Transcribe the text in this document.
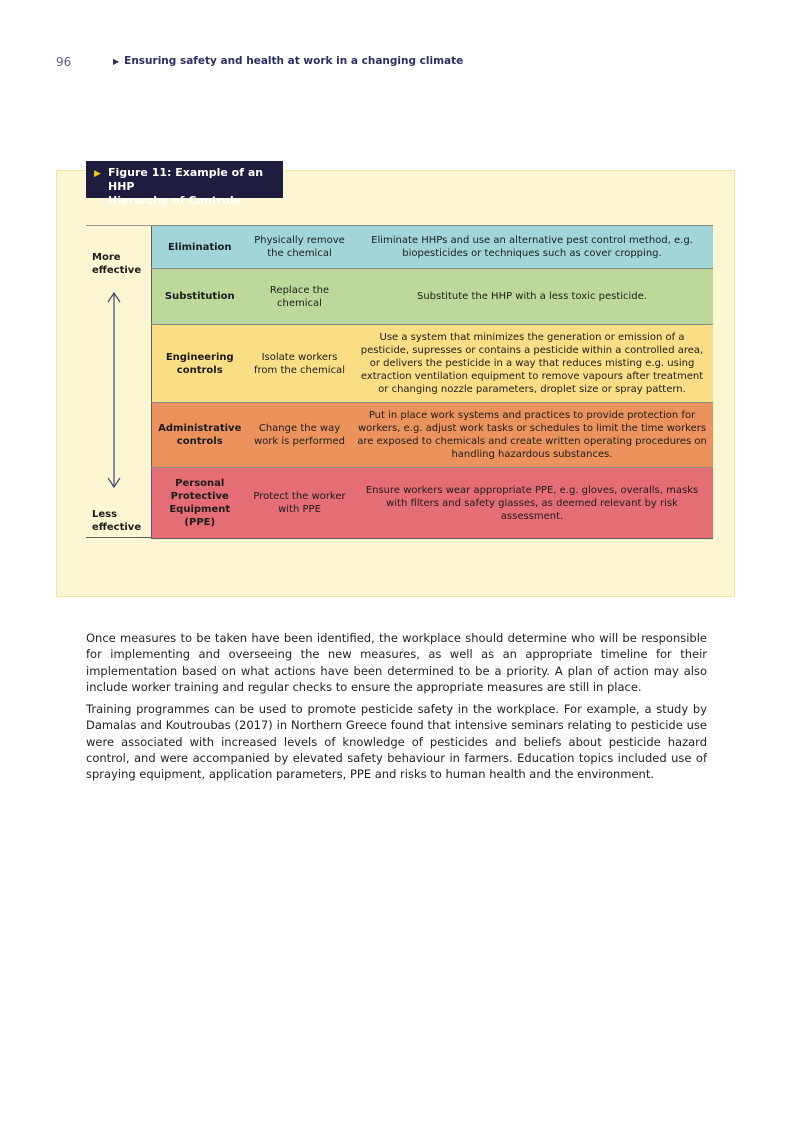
96	▶ Ensuring safety and health at work in a changing climate
▶ Figure 11: Example of an HHP
Hierarchy of Controls
More
effective
Less
effective
Elimination	Physically remove the chemical	Eliminate HHPs and use an alternative pest control method, e.g. biopesticides or techniques such as cover cropping.
Substitution	Replace the chemical	Substitute the HHP with a less toxic pesticide.
Engineering controls	Isolate workers from the chemical	Use a system that minimizes the generation or emission of a pesticide, supresses or contains a pesticide within a controlled area, or delivers the pesticide in a way that reduces misting e.g. using extraction ventilation equipment to remove vapours after treatment or changing nozzle parameters, droplet size or spray pattern.
Administrative controls	Change the way work is performed	Put in place work systems and practices to provide protection for workers, e.g. adjust work tasks or schedules to limit the time workers are exposed to chemicals and create written operating procedures on handling hazardous substances.
Personal Protective Equipment (PPE)	Protect the worker with PPE	Ensure workers wear appropriate PPE, e.g. gloves, overalls, masks with filters and safety glasses, as deemed relevant by risk assessment.

Once measures to be taken have been identified, the workplace should determine who will be responsible for implementing and overseeing the new measures, as well as an appropriate timeline for their implementation based on what actions have been determined to be a priority. A plan of action may also include worker training and regular checks to ensure the appropriate measures are still in place.

Training programmes can be used to promote pesticide safety in the workplace. For example, a study by Damalas and Koutroubas (2017) in Northern Greece found that intensive seminars relating to pesticide use were associated with increased levels of knowledge of pesticides and beliefs about pesticide hazard control, and were accompanied by elevated safety behaviour in farmers. Education topics included use of spraying equipment, application parameters, PPE and risks to human health and the environment.
